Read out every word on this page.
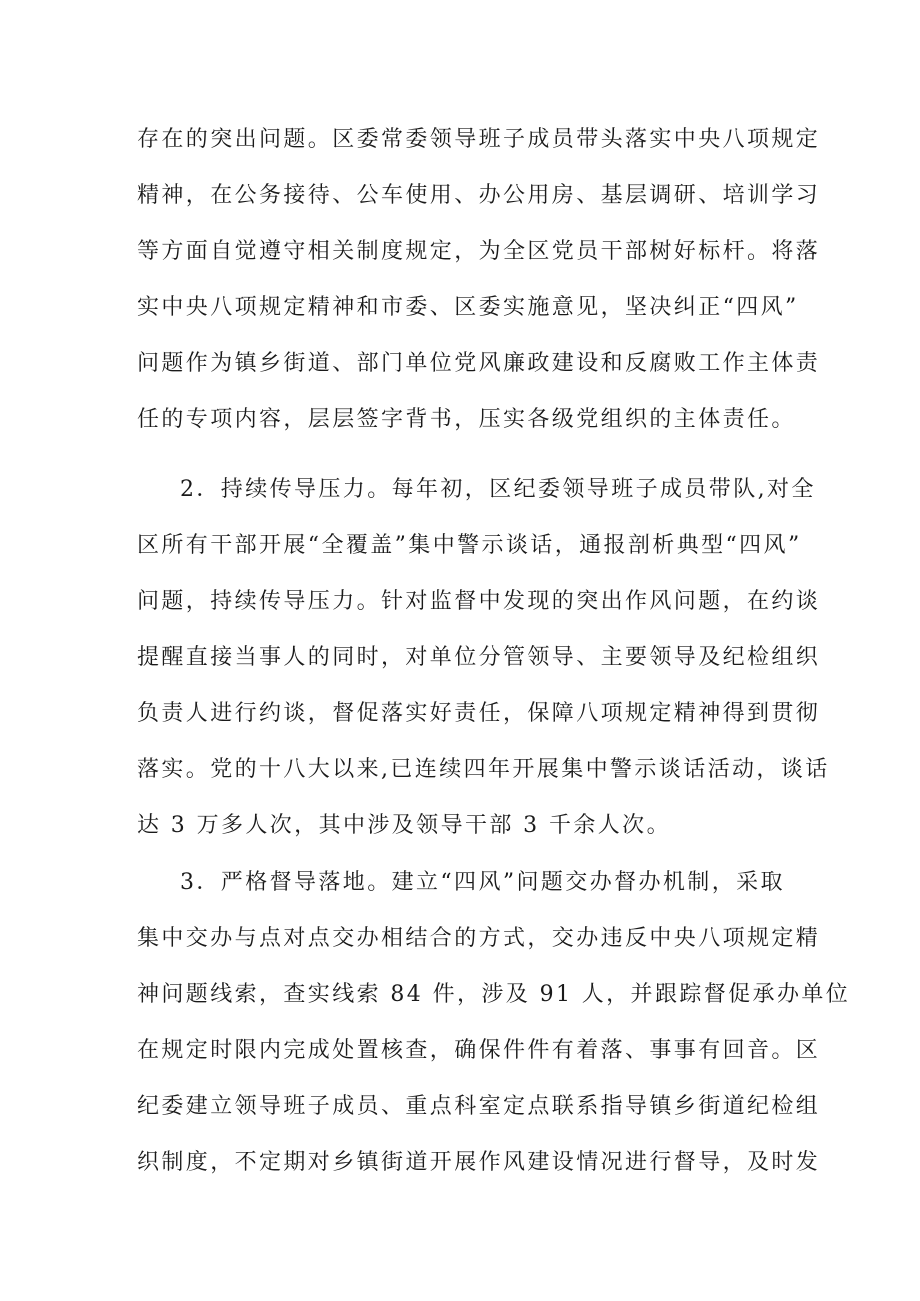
存在的突出问题。区委常委领导班子成员带头落实中央八项规定
精神，在公务接待、公车使用、办公用房、基层调研、培训学习
等方面自觉遵守相关制度规定，为全区党员干部树好标杆。将落
实中央八项规定精神和市委、区委实施意见，坚决纠正“四风”
问题作为镇乡街道、部门单位党风廉政建设和反腐败工作主体责
任的专项内容，层层签字背书，压实各级党组织的主体责任。
2．持续传导压力。每年初，区纪委领导班子成员带队,对全
区所有干部开展“全覆盖”集中警示谈话，通报剖析典型“四风”
问题，持续传导压力。针对监督中发现的突出作风问题，在约谈
提醒直接当事人的同时，对单位分管领导、主要领导及纪检组织
负责人进行约谈，督促落实好责任，保障八项规定精神得到贯彻
落实。党的十八大以来,已连续四年开展集中警示谈话活动，谈话
达 3 万多人次，其中涉及领导干部 3 千余人次。
3．严格督导落地。建立“四风”问题交办督办机制，采取
集中交办与点对点交办相结合的方式，交办违反中央八项规定精
神问题线索，查实线索 84 件，涉及 91 人，并跟踪督促承办单位
在规定时限内完成处置核查，确保件件有着落、事事有回音。区
纪委建立领导班子成员、重点科室定点联系指导镇乡街道纪检组
织制度，不定期对乡镇街道开展作风建设情况进行督导，及时发
